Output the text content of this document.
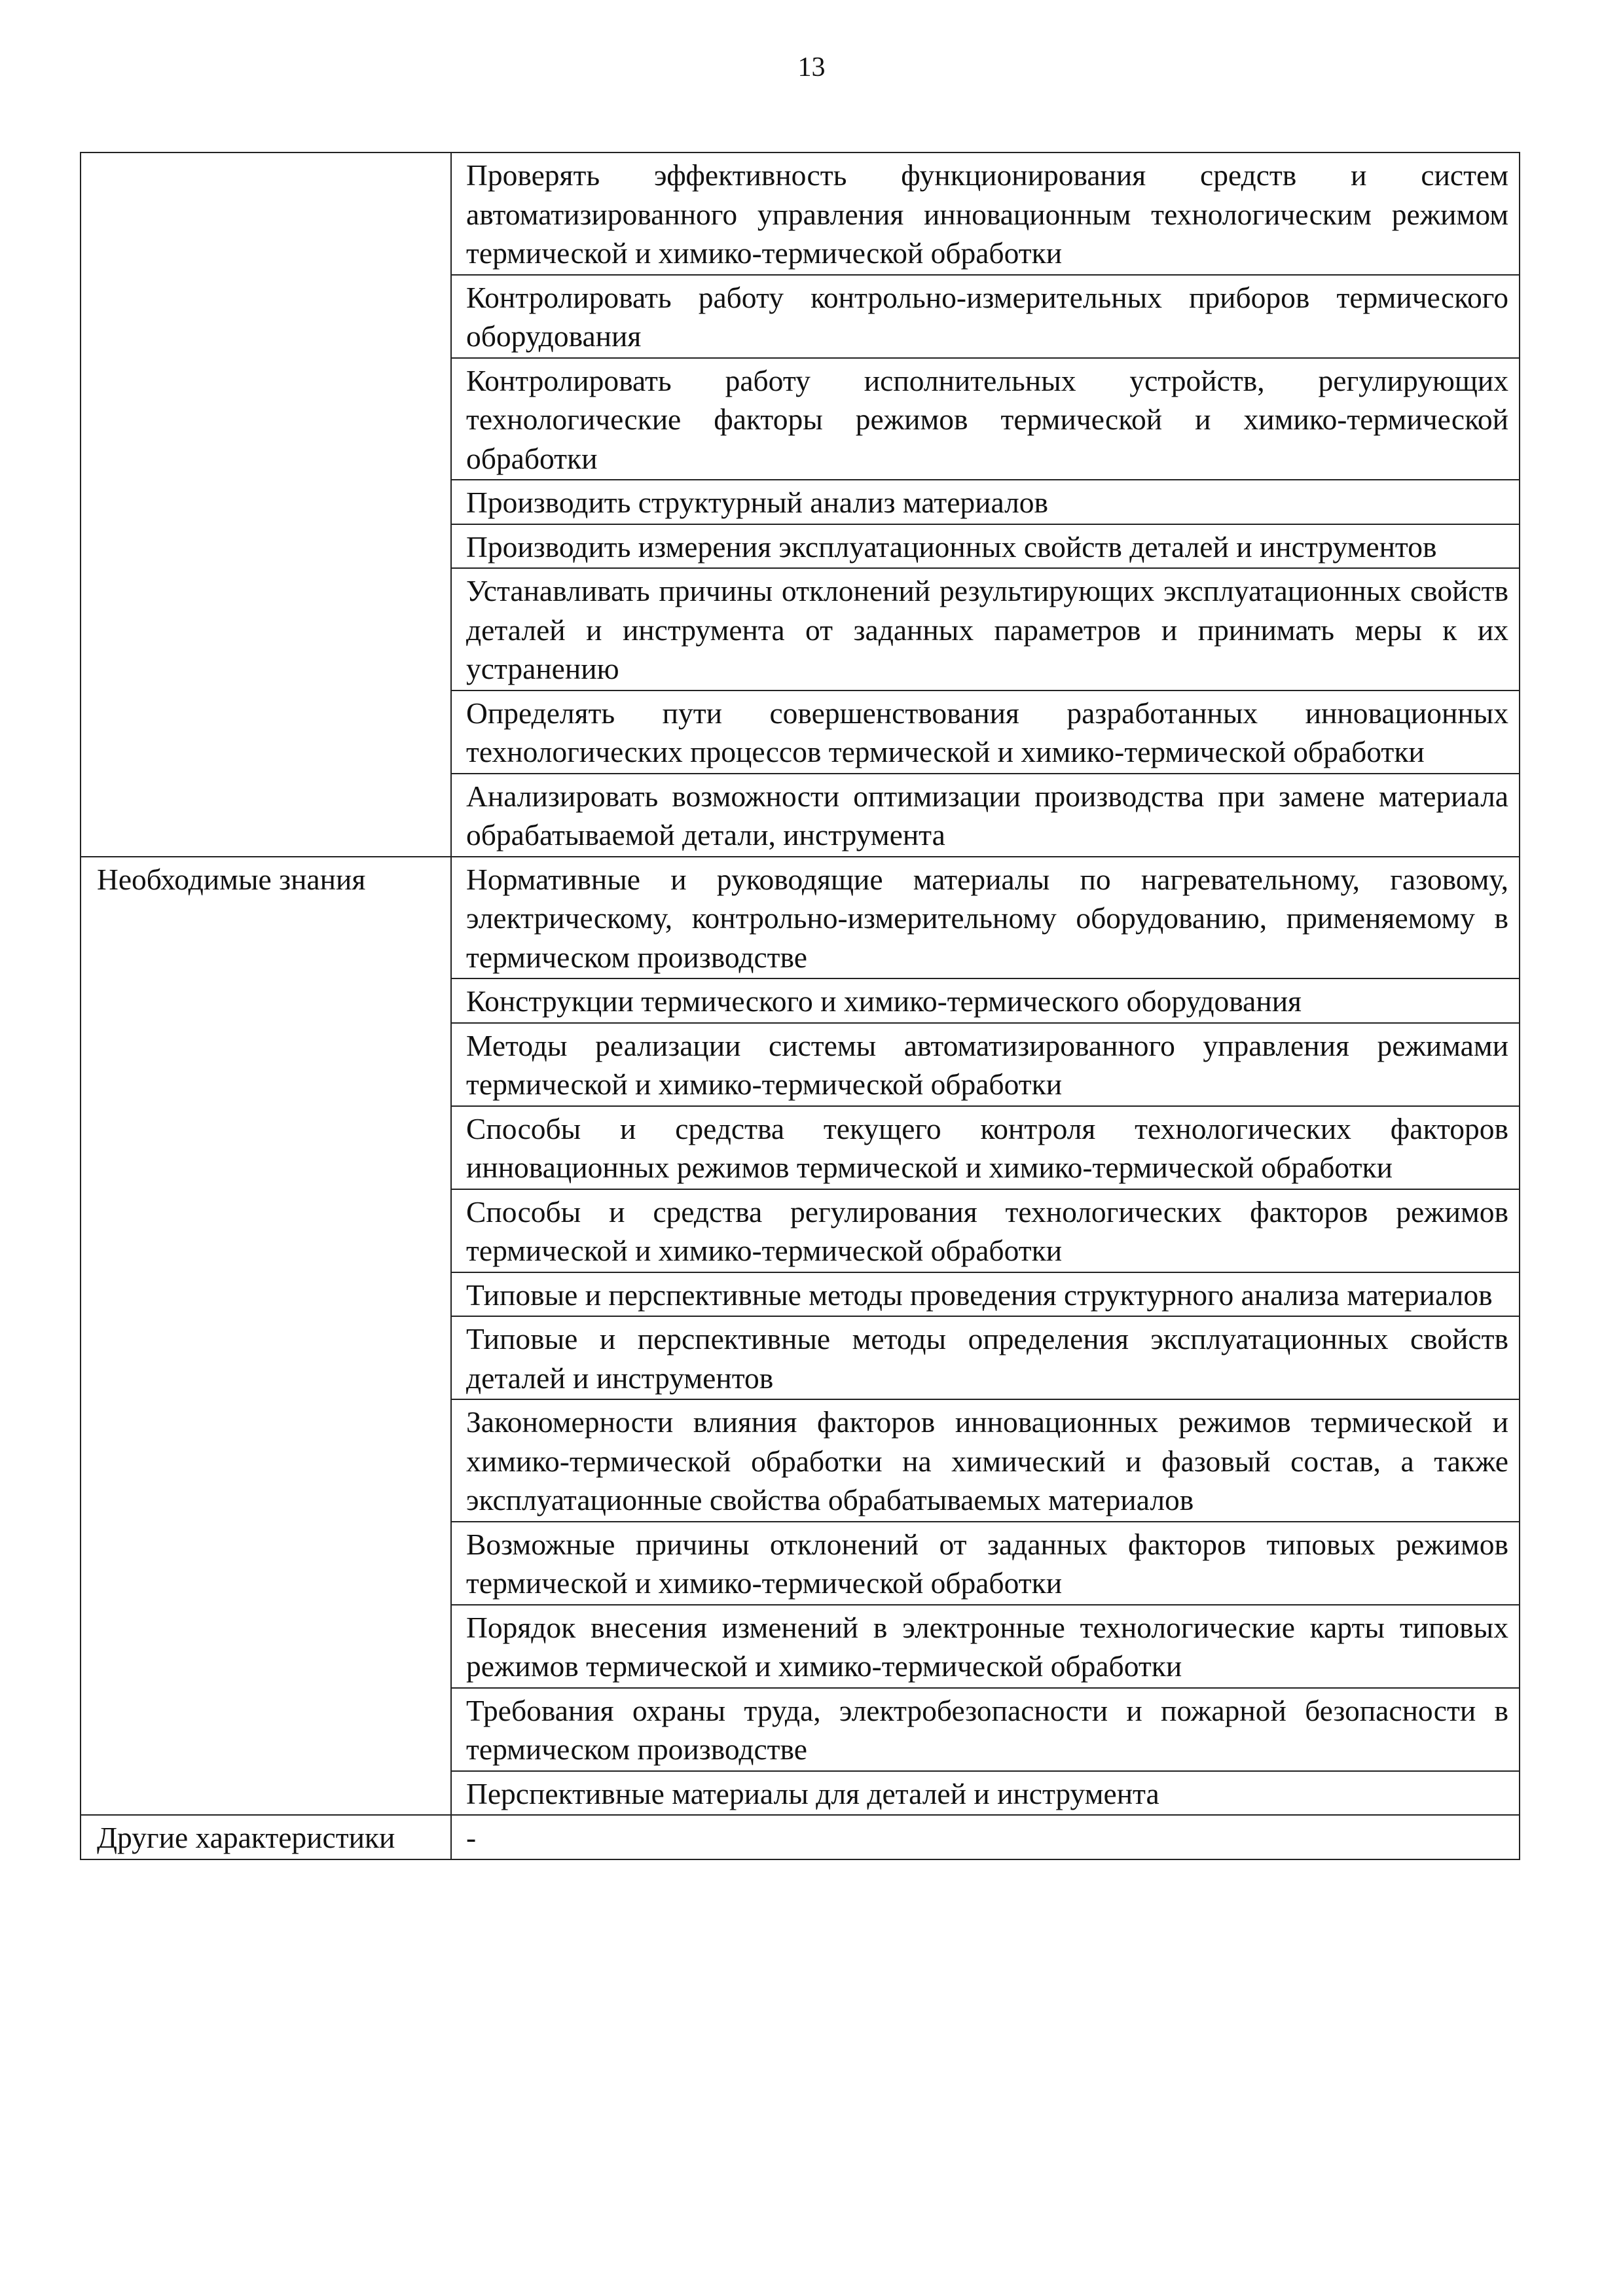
13
	Проверять эффективность функционирования средств и систем автоматизированного управления инновационным технологическим режимом термической и химико-термической обработки
	Контролировать работу контрольно-измерительных приборов термического оборудования
	Контролировать работу исполнительных устройств, регулирующих технологические факторы режимов термической и химико-термической обработки
	Производить структурный анализ материалов
	Производить измерения эксплуатационных свойств деталей и инструментов
	Устанавливать причины отклонений результирующих эксплуатационных свойств деталей и инструмента от заданных параметров и принимать меры к их устранению
	Определять пути совершенствования разработанных инновационных технологических процессов термической и химико-термической обработки
	Анализировать возможности оптимизации производства при замене материала обрабатываемой детали, инструмента
Необходимые знания	Нормативные и руководящие материалы по нагревательному, газовому, электрическому, контрольно-измерительному оборудованию, применяемому в термическом производстве
	Конструкции термического и химико-термического оборудования
	Методы реализации системы автоматизированного управления режимами термической и химико-термической обработки
	Способы и средства текущего контроля технологических факторов инновационных режимов термической и химико-термической обработки
	Способы и средства регулирования технологических факторов режимов термической и химико-термической обработки
	Типовые и перспективные методы проведения структурного анализа материалов
	Типовые и перспективные методы определения эксплуатационных свойств деталей и инструментов
	Закономерности влияния факторов инновационных режимов термической и химико-термической обработки на химический и фазовый состав, а также эксплуатационные свойства обрабатываемых материалов
	Возможные причины отклонений от заданных факторов типовых режимов термической и химико-термической обработки
	Порядок внесения изменений в электронные технологические карты типовых режимов термической и химико-термической обработки
	Требования охраны труда, электробезопасности и пожарной безопасности в термическом производстве
	Перспективные материалы для деталей и инструмента
Другие характеристики	-
